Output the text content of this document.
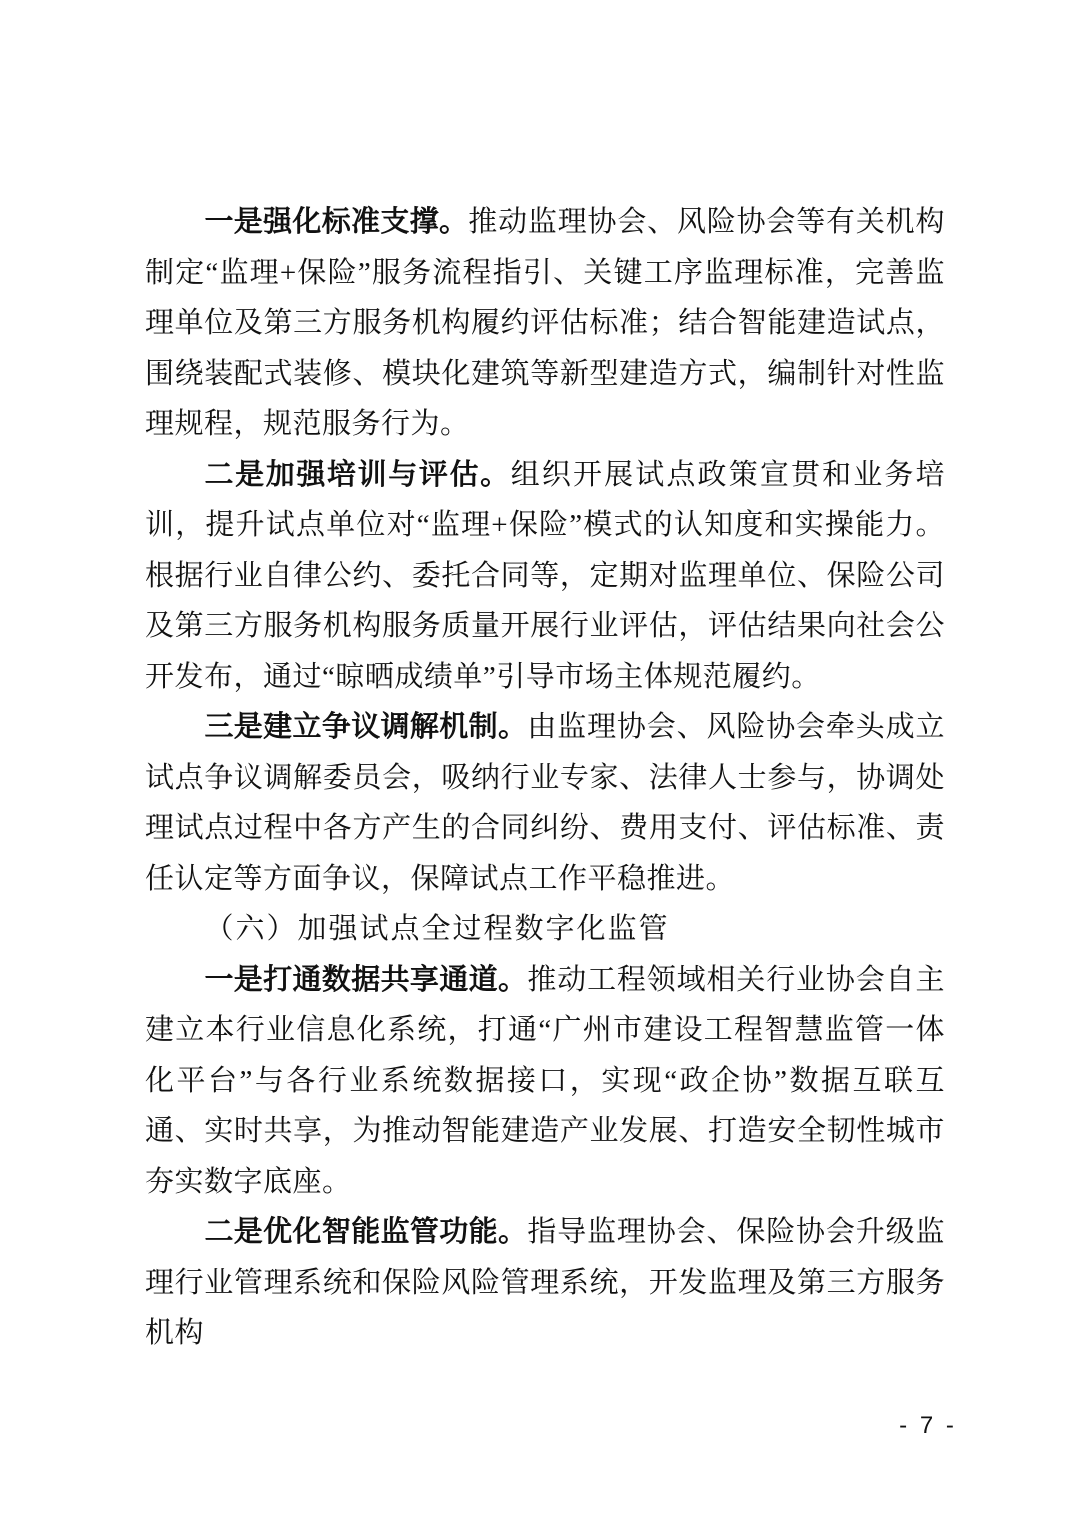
一是强化标准支撑。推动监理协会、风险协会等有关机构制定“监理+保险”服务流程指引、关键工序监理标准，完善监理单位及第三方服务机构履约评估标准；结合智能建造试点，围绕装配式装修、模块化建筑等新型建造方式，编制针对性监理规程，规范服务行为。

二是加强培训与评估。组织开展试点政策宣贯和业务培训，提升试点单位对“监理+保险”模式的认知度和实操能力。根据行业自律公约、委托合同等，定期对监理单位、保险公司及第三方服务机构服务质量开展行业评估，评估结果向社会公开发布，通过“晾晒成绩单”引导市场主体规范履约。

三是建立争议调解机制。由监理协会、风险协会牵头成立试点争议调解委员会，吸纳行业专家、法律人士参与，协调处理试点过程中各方产生的合同纠纷、费用支付、评估标准、责任认定等方面争议，保障试点工作平稳推进。

（六）加强试点全过程数字化监管

一是打通数据共享通道。推动工程领域相关行业协会自主建立本行业信息化系统，打通“广州市建设工程智慧监管一体化平台”与各行业系统数据接口，实现“政企协”数据互联互通、实时共享，为推动智能建造产业发展、打造安全韧性城市夯实数字底座。

二是优化智能监管功能。指导监理协会、保险协会升级监理行业管理系统和保险风险管理系统，开发监理及第三方服务机构

- 7 -
